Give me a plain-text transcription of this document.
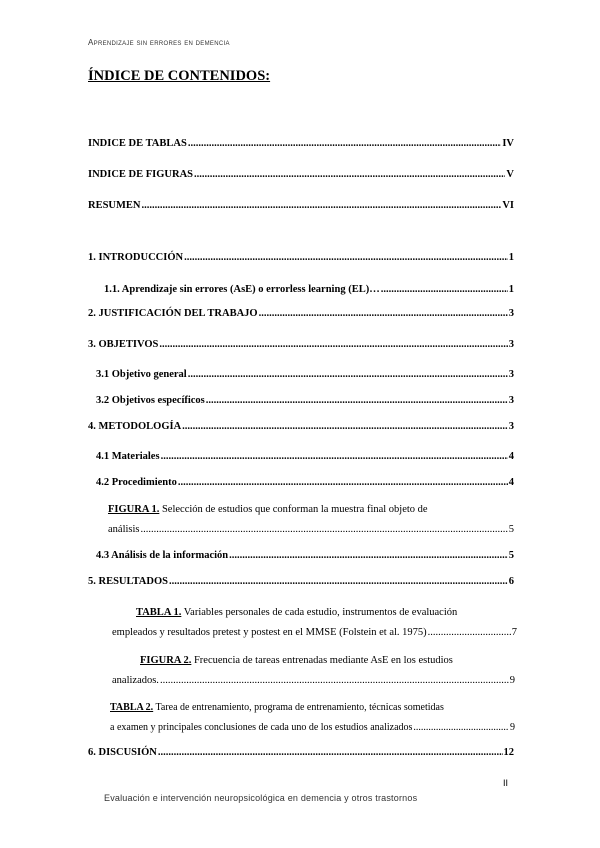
Aprendizaje sin errores en demencia
ÍNDICE DE CONTENIDOS:
INDICE DE TABLAS .....	IV
INDICE DE FIGURAS .....	V
RESUMEN .....	VI
1. INTRODUCCIÓN .....	1
1.1. Aprendizaje sin errores (AsE) o errorless learning (EL)… .....	1
2. JUSTIFICACIÓN DEL TRABAJO .....	3
3. OBJETIVOS .....	3
3.1 Objetivo general .....	3
3.2 Objetivos específicos .....	3
4. METODOLOGÍA .....	3
4.1 Materiales .....	4
4.2 Procedimiento .....	4
FIGURA 1. Selección de estudios que conforman la muestra final objeto de
análisis .....	5
4.3 Análisis de la información .....	5
5. RESULTADOS .....	6
TABLA 1. Variables personales de cada estudio, instrumentos de evaluación
empleados y resultados pretest y postest en el MMSE (Folstein et al. 1975) .....	7
FIGURA 2. Frecuencia de tareas entrenadas mediante AsE en los estudios
analizados. .....	9
TABLA 2. Tarea de entrenamiento, programa de entrenamiento, técnicas sometidas
a examen y principales conclusiones de cada uno de los estudios analizados .....	9
6. DISCUSIÓN .....	12
II
Evaluación e intervención neuropsicológica en demencia y otros trastornos
